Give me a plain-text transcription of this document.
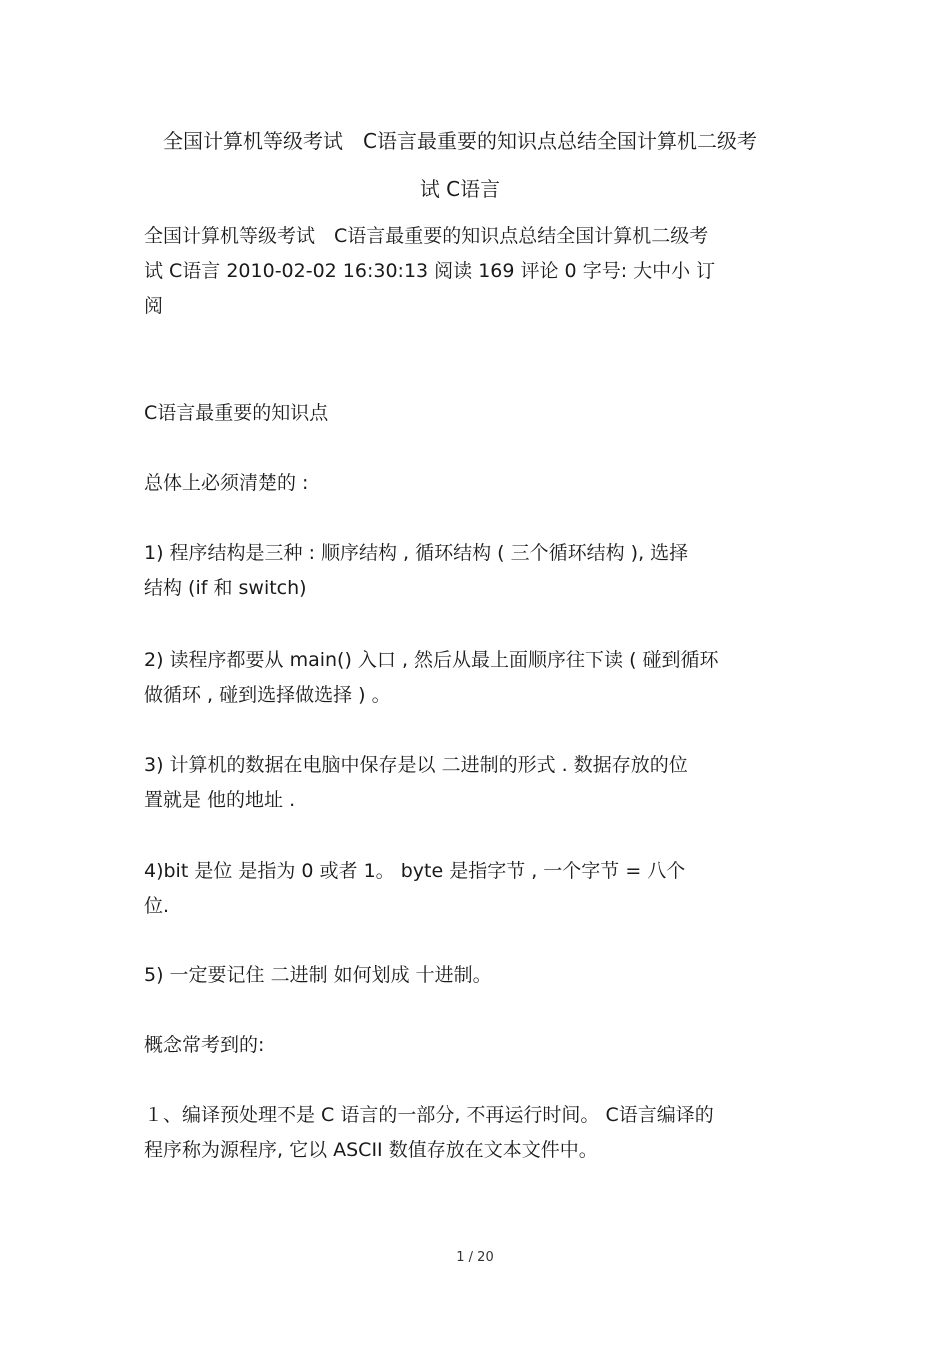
全国计算机等级考试　C语言最重要的知识点总结全国计算机二级考
试 C语言
全国计算机等级考试　C语言最重要的知识点总结全国计算机二级考
试 C语言 2010-02-02 16:30:13 阅读 169 评论 0 字号: 大中小 订
阅

C语言最重要的知识点

总体上必须清楚的 :

1) 程序结构是三种 : 顺序结构 , 循环结构 ( 三个循环结构 ), 选择
结构 (if 和 switch)

2) 读程序都要从 main() 入口 , 然后从最上面顺序往下读 ( 碰到循环
做循环 , 碰到选择做选择 ) 。

3) 计算机的数据在电脑中保存是以 二进制的形式 . 数据存放的位
置就是 他的地址 .

4)bit 是位 是指为 0 或者 1。 byte 是指字节 , 一个字节 = 八个
位.

5) 一定要记住 二进制 如何划成 十进制。

概念常考到的:

１、编译预处理不是 C 语言的一部分, 不再运行时间。 C语言编译的
程序称为源程序, 它以 ASCII 数值存放在文本文件中。

1 / 20
